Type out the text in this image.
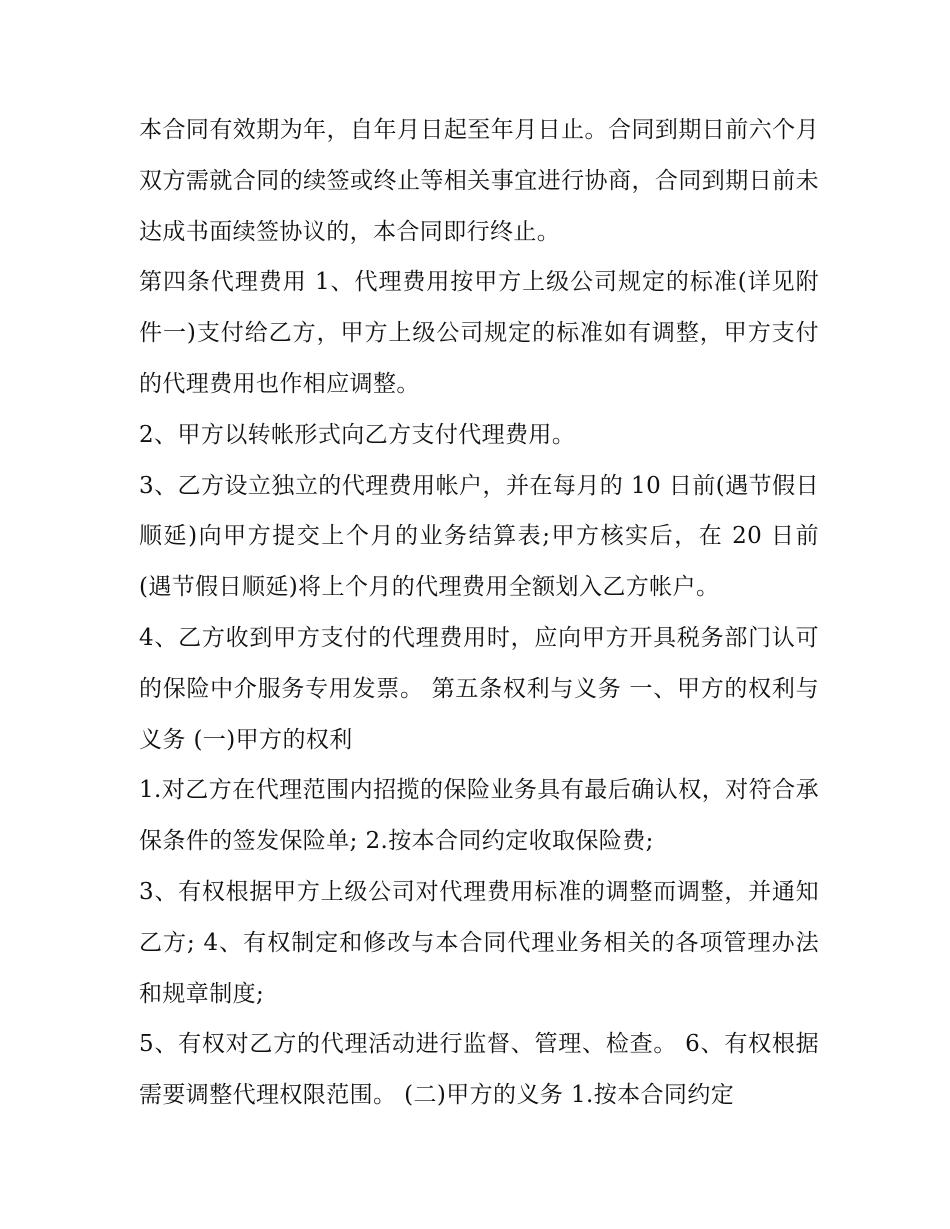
本合同有效期为年，自年月日起至年月日止。合同到期日前六个月双方需就合同的续签或终止等相关事宜进行协商，合同到期日前未达成书面续签协议的，本合同即行终止。

第四条代理费用 1、代理费用按甲方上级公司规定的标准(详见附件一)支付给乙方，甲方上级公司规定的标准如有调整，甲方支付的代理费用也作相应调整。

2、甲方以转帐形式向乙方支付代理费用。

3、乙方设立独立的代理费用帐户，并在每月的 10 日前(遇节假日顺延)向甲方提交上个月的业务结算表;甲方核实后，在 20 日前(遇节假日顺延)将上个月的代理费用全额划入乙方帐户。

4、乙方收到甲方支付的代理费用时，应向甲方开具税务部门认可的保险中介服务专用发票。 第五条权利与义务 一、甲方的权利与义务 (一)甲方的权利

1.对乙方在代理范围内招揽的保险业务具有最后确认权，对符合承保条件的签发保险单; 2.按本合同约定收取保险费;

3、有权根据甲方上级公司对代理费用标准的调整而调整，并通知乙方; 4、有权制定和修改与本合同代理业务相关的各项管理办法和规章制度;

5、有权对乙方的代理活动进行监督、管理、检查。 6、有权根据需要调整代理权限范围。 (二)甲方的义务 1.按本合同约定
